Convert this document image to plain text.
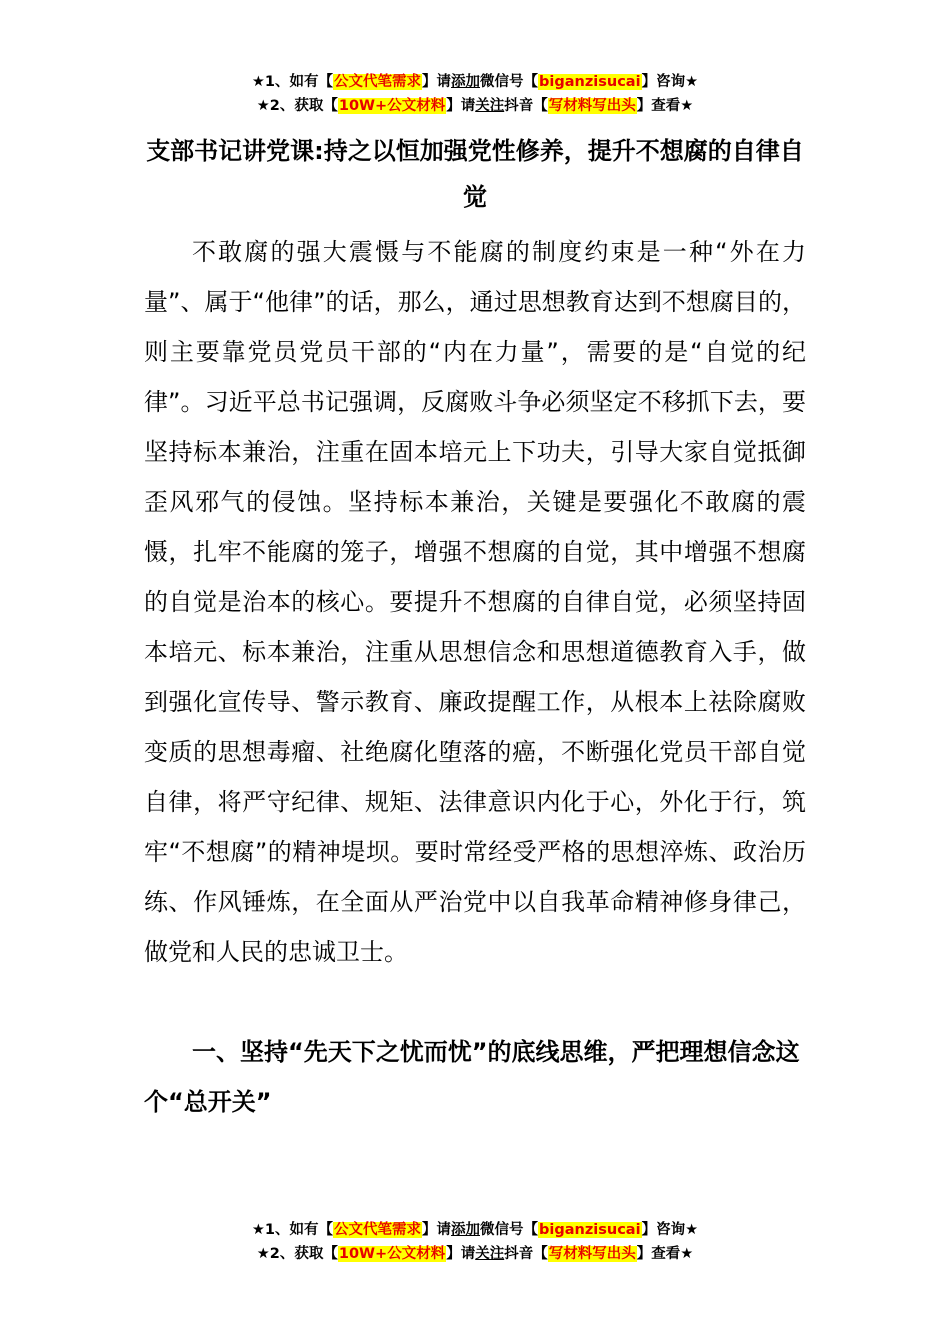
★1、如有【公文代笔需求】请添加微信号【biganzisucai】咨询★
★2、获取【10W+公文材料】请关注抖音【写材料写出头】查看★
支部书记讲党课:持之以恒加强党性修养，提升不想腐的自律自觉

不敢腐的强大震慑与不能腐的制度约束是一种“外在力量”、属于“他律”的话，那么，通过思想教育达到不想腐目的，则主要靠党员党员干部的“内在力量”，需要的是“自觉的纪律”。习近平总书记强调，反腐败斗争必须坚定不移抓下去，要坚持标本兼治，注重在固本培元上下功夫，引导大家自觉抵御歪风邪气的侵蚀。坚持标本兼治，关键是要强化不敢腐的震慑，扎牢不能腐的笼子，增强不想腐的自觉，其中增强不想腐的自觉是治本的核心。要提升不想腐的自律自觉，必须坚持固本培元、标本兼治，注重从思想信念和思想道德教育入手，做到强化宣传导、警示教育、廉政提醒工作，从根本上祛除腐败变质的思想毒瘤、社绝腐化堕落的癌，不断强化党员干部自觉自律，将严守纪律、规矩、法律意识内化于心，外化于行，筑牢“不想腐”的精神堤坝。要时常经受严格的思想淬炼、政治历练、作风锤炼，在全面从严治党中以自我革命精神修身律己，做党和人民的忠诚卫士。

一、坚持“先天下之忧而忧”的底线思维，严把理想信念这个“总开关”

★1、如有【公文代笔需求】请添加微信号【biganzisucai】咨询★
★2、获取【10W+公文材料】请关注抖音【写材料写出头】查看★
